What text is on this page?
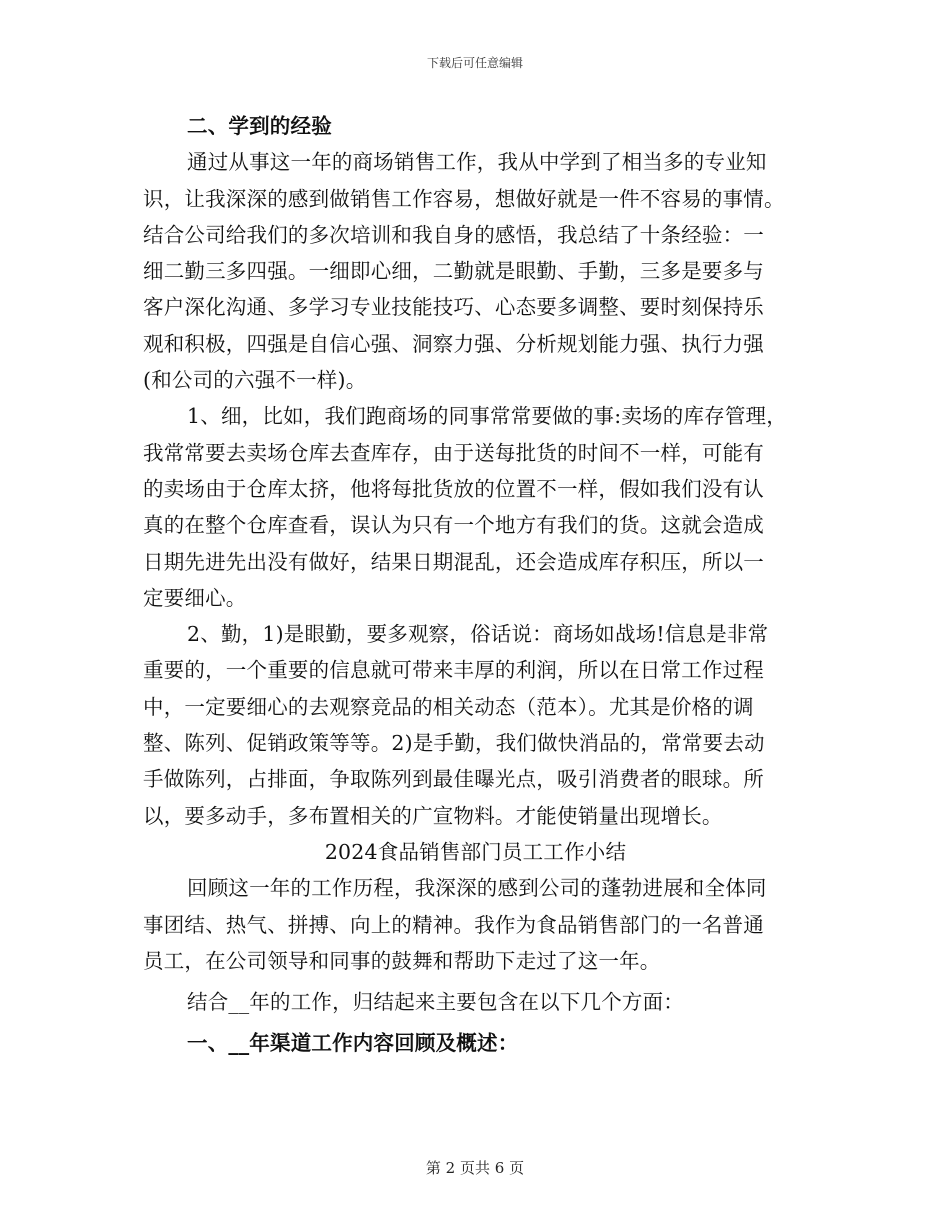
下载后可任意编辑
二、学到的经验
通过从事这一年的商场销售工作，我从中学到了相当多的专业知
识，让我深深的感到做销售工作容易，想做好就是一件不容易的事情。
结合公司给我们的多次培训和我自身的感悟，我总结了十条经验：一
细二勤三多四强。一细即心细，二勤就是眼勤、手勤，三多是要多与
客户深化沟通、多学习专业技能技巧、心态要多调整、要时刻保持乐
观和积极，四强是自信心强、洞察力强、分析规划能力强、执行力强
(和公司的六强不一样)。
1、细，比如，我们跑商场的同事常常要做的事:卖场的库存管理，
我常常要去卖场仓库去查库存，由于送每批货的时间不一样，可能有
的卖场由于仓库太挤，他将每批货放的位置不一样，假如我们没有认
真的在整个仓库查看，误认为只有一个地方有我们的货。这就会造成
日期先进先出没有做好，结果日期混乱，还会造成库存积压，所以一
定要细心。
2、勤，1)是眼勤，要多观察，俗话说：商场如战场!信息是非常
重要的，一个重要的信息就可带来丰厚的利润，所以在日常工作过程
中，一定要细心的去观察竞品的相关动态（范本）。尤其是价格的调
整、陈列、促销政策等等。2)是手勤，我们做快消品的，常常要去动
手做陈列，占排面，争取陈列到最佳曝光点，吸引消费者的眼球。所
以，要多动手，多布置相关的广宣物料。才能使销量出现增长。
2024食品销售部门员工工作小结
回顾这一年的工作历程，我深深的感到公司的蓬勃进展和全体同
事团结、热气、拼搏、向上的精神。我作为食品销售部门的一名普通
员工，在公司领导和同事的鼓舞和帮助下走过了这一年。
结合__年的工作，归结起来主要包含在以下几个方面：
一、__年渠道工作内容回顾及概述：
第 2 页共 6 页
